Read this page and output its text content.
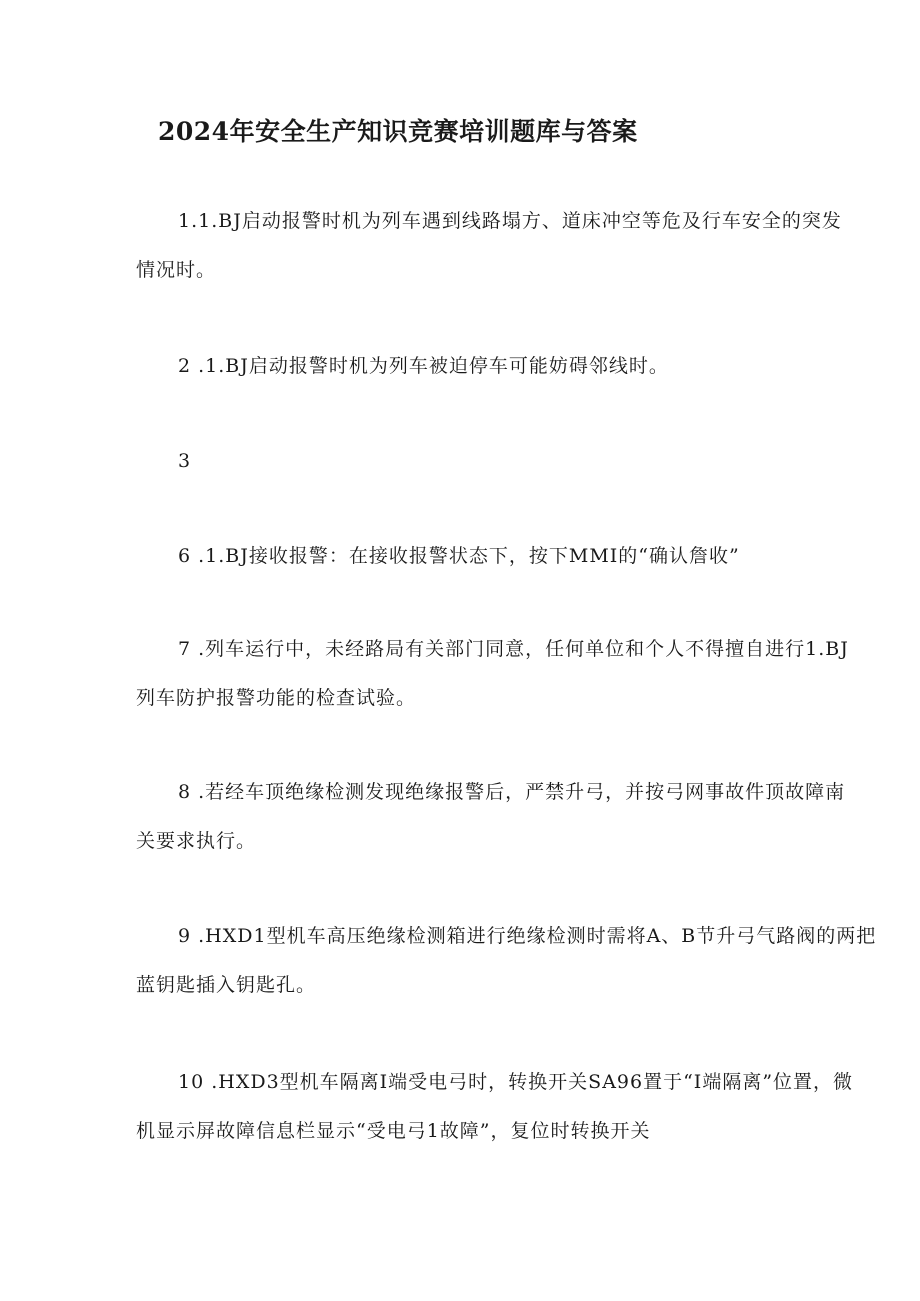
2024年安全生产知识竞赛培训题库与答案
1.1.BJ启动报警时机为列车遇到线路塌方、道床冲空等危及行车安全的突发
情况时。
2 .1.BJ启动报警时机为列车被迫停车可能妨碍邻线时。
3
6 .1.BJ接收报警：在接收报警状态下，按下MMI的“确认詹收”
7 .列车运行中，未经路局有关部门同意，任何单位和个人不得擅自进行1.BJ
列车防护报警功能的检查试验。
8 .若经车顶绝缘检测发现绝缘报警后，严禁升弓，并按弓网事故件顶故障南
关要求执行。
9 .HXD1型机车高压绝缘检测箱进行绝缘检测时需将A、B节升弓气路阀的两把
蓝钥匙插入钥匙孔。
10 .HXD3型机车隔离I端受电弓时，转换开关SA96置于“I端隔离”位置，微
机显示屏故障信息栏显示“受电弓1故障”，复位时转换开关
